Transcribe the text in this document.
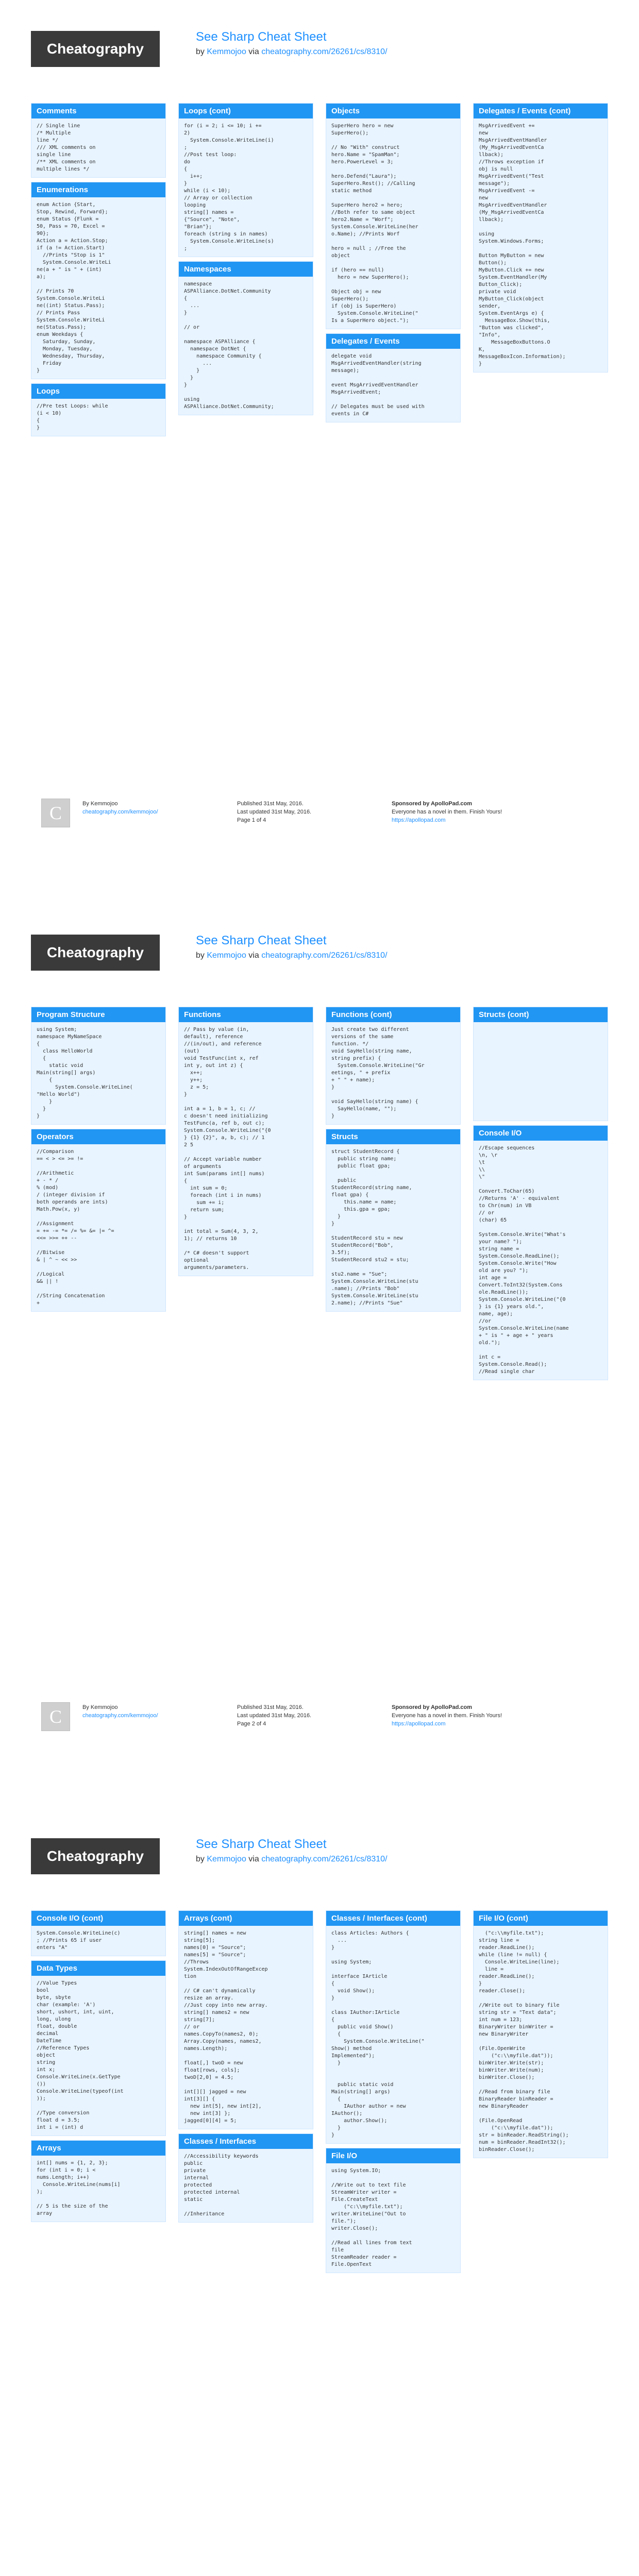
Cheatography
See Sharp Cheat Sheet
by Kemmojoo via cheatography.com/26261/cs/8310/
Comments
// Single line
/* Multiple
line */
/// XML comments on
single line
/** XML comments on
multiple lines */
Enumerations
enum Action {Start,
Stop, Rewind, Forward};
enum Status {Flunk =
50, Pass = 70, Excel =
90};
Action a = Action.Stop;
if (a != Action.Start)
//Prints "Stop is 1"
System.Console.WriteLi
ne(a + " is " + (int)
a);

// Prints 70
System.Console.WriteLi
ne((int) Status.Pass);
// Prints Pass
System.Console.WriteLi
ne(Status.Pass);
enum Weekdays {
Saturday, Sunday,
Monday, Tuesday,
Wednesday, Thursday,
Friday
}
Loops
//Pre test Loops: while
(i < 10)
{
}
Loops (cont)
for (i = 2; i <= 10; i +=
2)
System.Console.WriteLine(i)
;
//Post test loop:
do
{
i++;
}
while (i < 10);
// Array or collection
looping
string[] names =
{"Source", "Note",
"Brian"};
foreach (string s in names)
System.Console.WriteLine(s)
;
Namespaces
namespace
ASPAlliance.DotNet.Community
{
...
}

// or

namespace ASPAlliance {
namespace DotNet {
namespace Community {
...
}
}
}

using
ASPAlliance.DotNet.Community;
Objects
SuperHero hero = new
SuperHero();

// No "With" construct
hero.Name = "SpamMan";
hero.PowerLevel = 3;

hero.Defend("Laura");
SuperHero.Rest(); //Calling
static method

SuperHero hero2 = hero;
//Both refer to same object
hero2.Name = "Worf";
System.Console.WriteLine(her
o.Name); //Prints Worf

hero = null ; //Free the
object

if (hero == null)
hero = new SuperHero();

Object obj = new
SuperHero();
if (obj is SuperHero)
System.Console.WriteLine("
Is a SuperHero object.");
Delegates / Events
delegate void
MsgArrivedEventHandler(string
message);

event MsgArrivedEventHandler
MsgArrivedEvent;

// Delegates must be used with
events in C#
Delegates / Events (cont)
MsgArrivedEvent +=
new
MsgArrivedEventHandler
(My_MsgArrivedEventCa
llback);
//Throws exception if
obj is null
MsgArrivedEvent("Test
message");
MsgArrivedEvent -=
new
MsgArrivedEventHandler
(My_MsgArrivedEventCa
llback);

using
System.Windows.Forms;

Button MyButton = new
Button();
MyButton.Click += new
System.EventHandler(My
Button_Click);
private void
MyButton_Click(object
sender,
System.EventArgs e) {
MessageBox.Show(this,
"Button was clicked",
"Info",
MessageBoxButtons.O
K,
MessageBoxIcon.Information);
}
C	By Kemmojoo
cheatography.com/kemmojoo/
Published 31st May, 2016.
Last updated 31st May, 2016.
Page 1 of 4
Sponsored by ApolloPad.com
Everyone has a novel in them. Finish Yours!
https://apollopad.com
Cheatography
See Sharp Cheat Sheet
by Kemmojoo via cheatography.com/26261/cs/8310/
Program Structure
using System;
namespace MyNameSpace
{
class HelloWorld
{
static void
Main(string[] args)
{
System.Console.WriteLine(
"Hello World")
}
}
}
Operators
//Comparison
== < > <= >= !=

//Arithmetic
+ - * /
% (mod)
/ (integer division if
both operands are ints)
Math.Pow(x, y)

//Assignment
= += -= *= /= %= &= |= ^=
<<= >>= ++ --

//Bitwise
& | ^ ~ << >>

//Logical
&& || !

//String Concatenation
+
Functions
// Pass by value (in,
default), reference
//(in/out), and reference
(out)
void TestFunc(int x, ref
int y, out int z) {
x++;
y++;
z = 5;
}

int a = 1, b = 1, c; //
c doesn't need initializing
TestFunc(a, ref b, out c);
System.Console.WriteLine("{0
} {1} {2}", a, b, c); // 1
2 5

// Accept variable number
of arguments
int Sum(params int[] nums)
{
int sum = 0;
foreach (int i in nums)
sum += i;
return sum;
}

int total = Sum(4, 3, 2,
1); // returns 10

/* C# doesn't support
optional
arguments/parameters.
Functions (cont)
Just create two different
versions of the same
function. */
void SayHello(string name,
string prefix) {
System.Console.WriteLine("Gr
eetings, " + prefix
+ " " + name);
}

void SayHello(string name) {
SayHello(name, "");
}
Structs
struct StudentRecord {
public string name;
public float gpa;

public
StudentRecord(string name,
float gpa) {
this.name = name;
this.gpa = gpa;
}
}

StudentRecord stu = new
StudentRecord("Bob",
3.5f);
StudentRecord stu2 = stu;

stu2.name = "Sue";
System.Console.WriteLine(stu
.name); //Prints "Bob"
System.Console.WriteLine(stu
2.name); //Prints "Sue"
Structs (cont)
Console I/O
//Escape sequences
\n, \r
\t
\\
\"

Convert.ToChar(65)
//Returns 'A' - equivalent
to Chr(num) in VB
// or
(char) 65

System.Console.Write("What's
your name? ");
string name =
System.Console.ReadLine();
System.Console.Write("How
old are you? ");
int age =
Convert.ToInt32(System.Cons
ole.ReadLine());
System.Console.WriteLine("{0
} is {1} years old.",
name, age);
//or
System.Console.WriteLine(name
+ " is " + age + " years
old.");

int c =
System.Console.Read();
//Read single char
C	By Kemmojoo
cheatography.com/kemmojoo/
Published 31st May, 2016.
Last updated 31st May, 2016.
Page 2 of 4
Sponsored by ApolloPad.com
Everyone has a novel in them. Finish Yours!
https://apollopad.com
Cheatography
See Sharp Cheat Sheet
by Kemmojoo via cheatography.com/26261/cs/8310/
Console I/O (cont)
System.Console.WriteLine(c)
; //Prints 65 if user
enters "A"
Data Types
//Value Types
bool
byte, sbyte
char (example: 'A')
short, ushort, int, uint,
long, ulong
float, double
decimal
DateTime
//Reference Types
object
string
int x;
Console.WriteLine(x.GetType
())
Console.WriteLine(typeof(int
));

//Type conversion
float d = 3.5;
int i = (int) d
Arrays
int[] nums = {1, 2, 3};
for (int i = 0; i <
nums.Length; i++)
Console.WriteLine(nums[i]
);

// 5 is the size of the
array
Arrays (cont)
string[] names = new
string[5];
names[0] = "Source";
names[5] = "Source";
//Throws
System.IndexOutOfRangeExcep
tion

// C# can't dynamically
resize an array.
//Just copy into new array.
string[] names2 = new
string[7];
// or
names.CopyTo(names2, 0);
Array.Copy(names, names2,
names.Length);

float[,] twoD = new
float[rows, cols];
twoD[2,0] = 4.5;

int[][] jagged = new
int[3][] {
new int[5], new int[2],
new int[3] };
jagged[0][4] = 5;
Classes / Interfaces
//Accessibility keywords
public
private
internal
protected
protected internal
static

//Inheritance
Classes / Interfaces (cont)
class Articles: Authors {
...
}

using System;

interface IArticle
{
void Show();
}

class IAuthor:IArticle
{
public void Show()
{
System.Console.WriteLine("
Show() method
Implemented");
}

public static void
Main(string[] args)
{
IAuthor author = new
IAuthor();
author.Show();
}
}
File I/O
using System.IO;

//Write out to text file
StreamWriter writer =
File.CreateText
("c:\\myfile.txt");
writer.WriteLine("Out to
file.");
writer.Close();

//Read all lines from text
file
StreamReader reader =
File.OpenText
File I/O (cont)
("c:\\myfile.txt");
string line =
reader.ReadLine();
while (line != null) {
Console.WriteLine(line);
line =
reader.ReadLine();
}
reader.Close();

//Write out to binary file
string str = "Text data";
int num = 123;
BinaryWriter binWriter =
new BinaryWriter

(File.OpenWrite
("c:\\myfile.dat"));
binWriter.Write(str);
binWriter.Write(num);
binWriter.Close();

//Read from binary file
BinaryReader binReader =
new BinaryReader

(File.OpenRead
("c:\\myfile.dat"));
str = binReader.ReadString();
num = binReader.ReadInt32();
binReader.Close();
